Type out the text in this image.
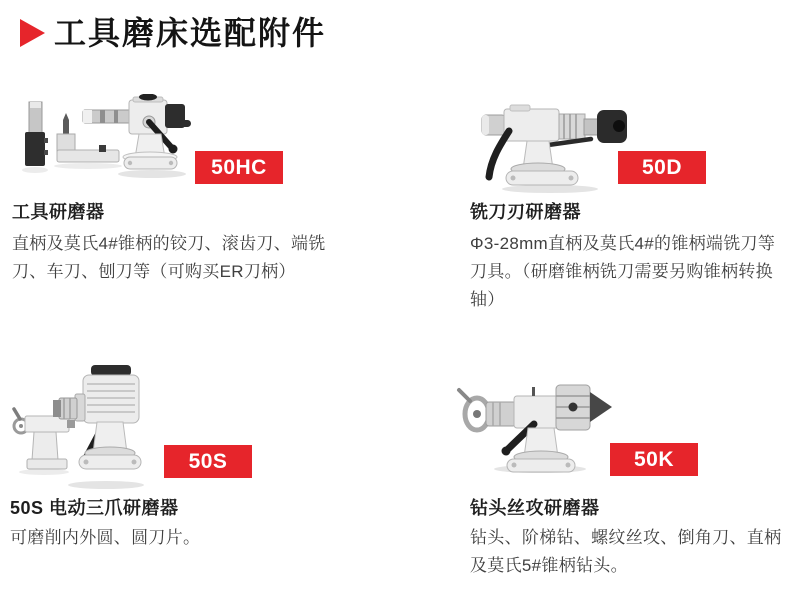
工具磨床选配附件
50HC
工具研磨器

直柄及莫氏4#锥柄的铰刀、滚齿刀、端铣刀、车刀、刨刀等（可购买ER刀柄）

50D
铣刀刃研磨器

Φ3-28mm直柄及莫氏4#的锥柄端铣刀等刀具。（研磨锥柄铣刀需要另购锥柄转换轴）

50S
50S 电动三爪研磨器

可磨削内外圆、圆刀片。

50K
钻头丝攻研磨器

钻头、阶梯钻、螺纹丝攻、倒角刀、直柄及莫氏5#锥柄钻头。
